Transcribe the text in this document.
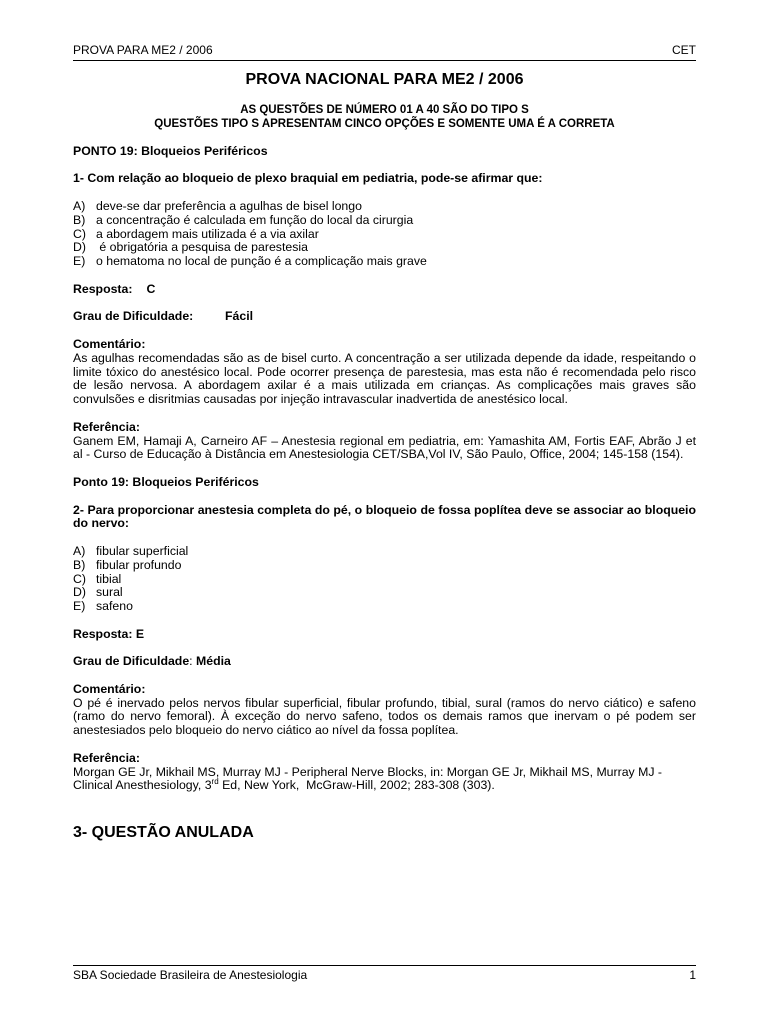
PROVA PARA ME2 / 2006	CET
PROVA NACIONAL PARA ME2 / 2006
AS QUESTÕES DE NÚMERO 01 A 40 SÃO DO TIPO S
QUESTÕES TIPO S APRESENTAM CINCO OPÇÕES E SOMENTE UMA É A CORRETA
PONTO 19: Bloqueios Periféricos
1- Com relação ao bloqueio de plexo braquial em pediatria, pode-se afirmar que:
A) deve-se dar preferência a agulhas de bisel longo
B) a concentração é calculada em função do local da cirurgia
C) a abordagem mais utilizada é a via axilar
D) é obrigatória a pesquisa de parestesia
E) o hematoma no local de punção é a complicação mais grave
Resposta: C
Grau de Dificuldade:	Fácil
Comentário:
As agulhas recomendadas são as de bisel curto. A concentração a ser utilizada depende da idade, respeitando o limite tóxico do anestésico local. Pode ocorrer presença de parestesia, mas esta não é recomendada pelo risco de lesão nervosa. A abordagem axilar é a mais utilizada em crianças. As complicações mais graves são convulsões e disritmias causadas por injeção intravascular inadvertida de anestésico local.
Referência:
Ganem EM, Hamaji A, Carneiro AF – Anestesia regional em pediatria, em: Yamashita AM, Fortis EAF, Abrão J et al - Curso de Educação à Distância em Anestesiologia CET/SBA,Vol IV, São Paulo, Office, 2004; 145-158 (154).
Ponto 19: Bloqueios Periféricos
2- Para proporcionar anestesia completa do pé, o bloqueio de fossa poplítea deve se associar ao bloqueio do nervo:
A) fibular superficial
B) fibular profundo
C) tibial
D) sural
E) safeno
Resposta: E
Grau de Dificuldade: Média
Comentário:
O pé é inervado pelos nervos fibular superficial, fibular profundo, tibial, sural (ramos do nervo ciático) e safeno (ramo do nervo femoral). À exceção do nervo safeno, todos os demais ramos que inervam o pé podem ser anestesiados pelo bloqueio do nervo ciático ao nível da fossa poplítea.
Referência:
Morgan GE Jr, Mikhail MS, Murray MJ - Peripheral Nerve Blocks, in: Morgan GE Jr, Mikhail MS, Murray MJ -
Clinical Anesthesiology, 3rd Ed, New York,  McGraw-Hill, 2002; 283-308 (303).
3- QUESTÃO ANULADA
SBA Sociedade Brasileira de Anestesiologia	1
